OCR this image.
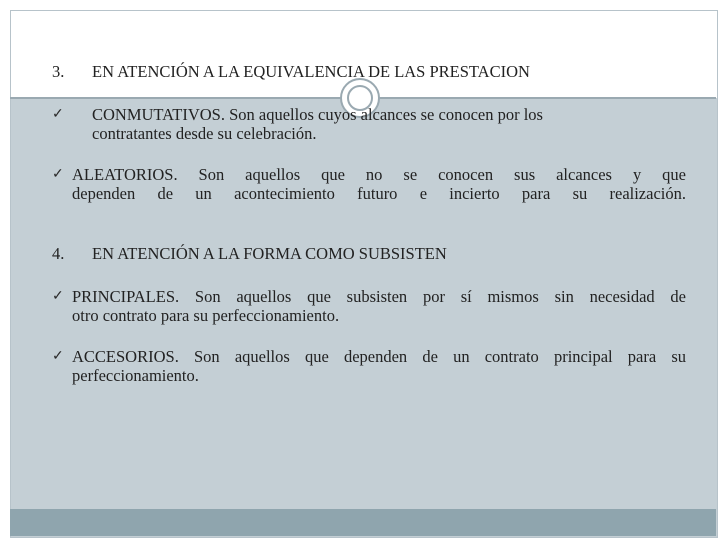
3.	EN ATENCIÓN A LA EQUIVALENCIA DE LAS PRESTACION
✓	CONMUTATIVOS. Son aquellos cuyos alcances se conocen por los
contratantes desde su celebración.
✓ ALEATORIOS. Son aquellos que no se conocen sus alcances y que
dependen de un acontecimiento futuro e incierto para su realización.
4.	EN ATENCIÓN A LA FORMA COMO SUBSISTEN
✓ PRINCIPALES. Son aquellos que subsisten por sí mismos sin necesidad de
otro contrato para su perfeccionamiento.
✓ ACCESORIOS. Son aquellos que dependen de un contrato principal para su
perfeccionamiento.
